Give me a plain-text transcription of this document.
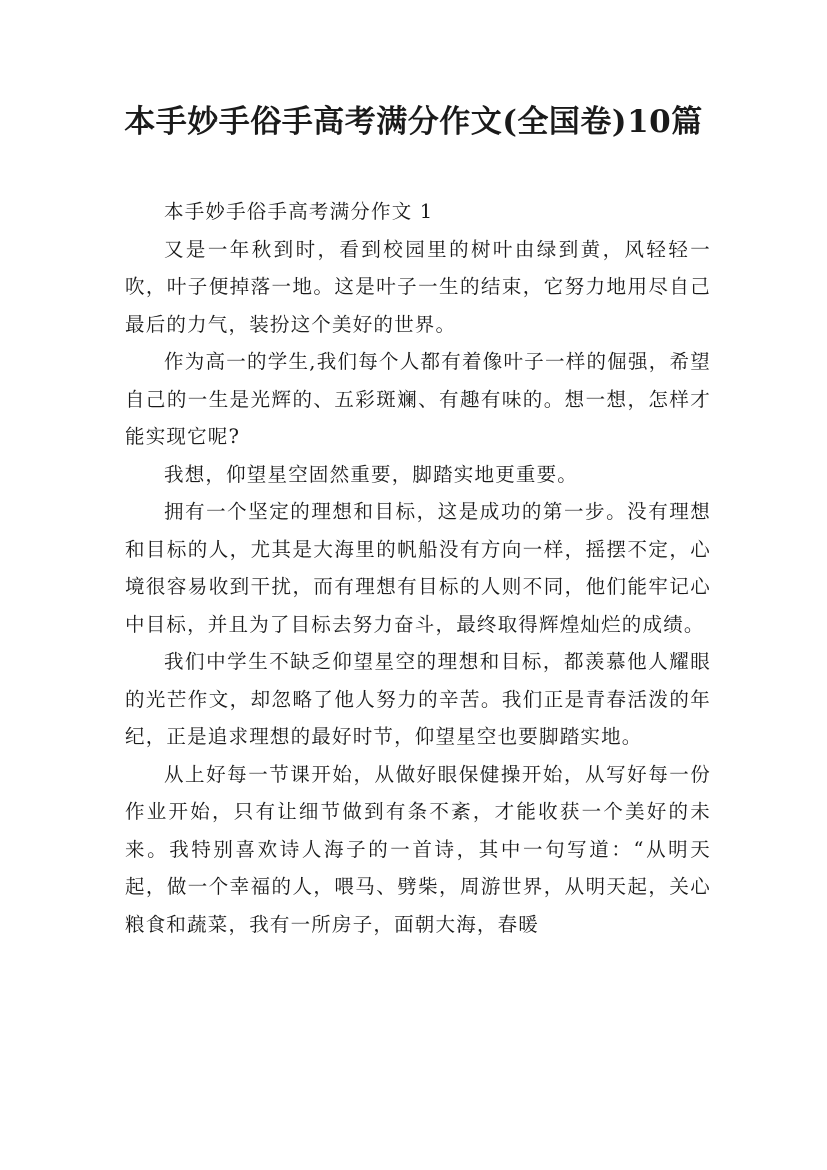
本手妙手俗手高考满分作文(全国卷)10篇

本手妙手俗手高考满分作文 1

又是一年秋到时，看到校园里的树叶由绿到黄，风轻轻一吹，叶子便掉落一地。这是叶子一生的结束，它努力地用尽自己最后的力气，装扮这个美好的世界。

作为高一的学生,我们每个人都有着像叶子一样的倔强，希望自己的一生是光辉的、五彩斑斓、有趣有味的。想一想，怎样才能实现它呢?

我想，仰望星空固然重要，脚踏实地更重要。

拥有一个坚定的理想和目标，这是成功的第一步。没有理想和目标的人，尤其是大海里的帆船没有方向一样，摇摆不定，心境很容易收到干扰，而有理想有目标的人则不同，他们能牢记心中目标，并且为了目标去努力奋斗，最终取得辉煌灿烂的成绩。

我们中学生不缺乏仰望星空的理想和目标，都羡慕他人耀眼的光芒作文，却忽略了他人努力的辛苦。我们正是青春活泼的年纪，正是追求理想的最好时节，仰望星空也要脚踏实地。

从上好每一节课开始，从做好眼保健操开始，从写好每一份作业开始，只有让细节做到有条不紊，才能收获一个美好的未来。我特别喜欢诗人海子的一首诗，其中一句写道：“从明天起，做一个幸福的人，喂马、劈柴，周游世界，从明天起，关心粮食和蔬菜，我有一所房子，面朝大海，春暖
